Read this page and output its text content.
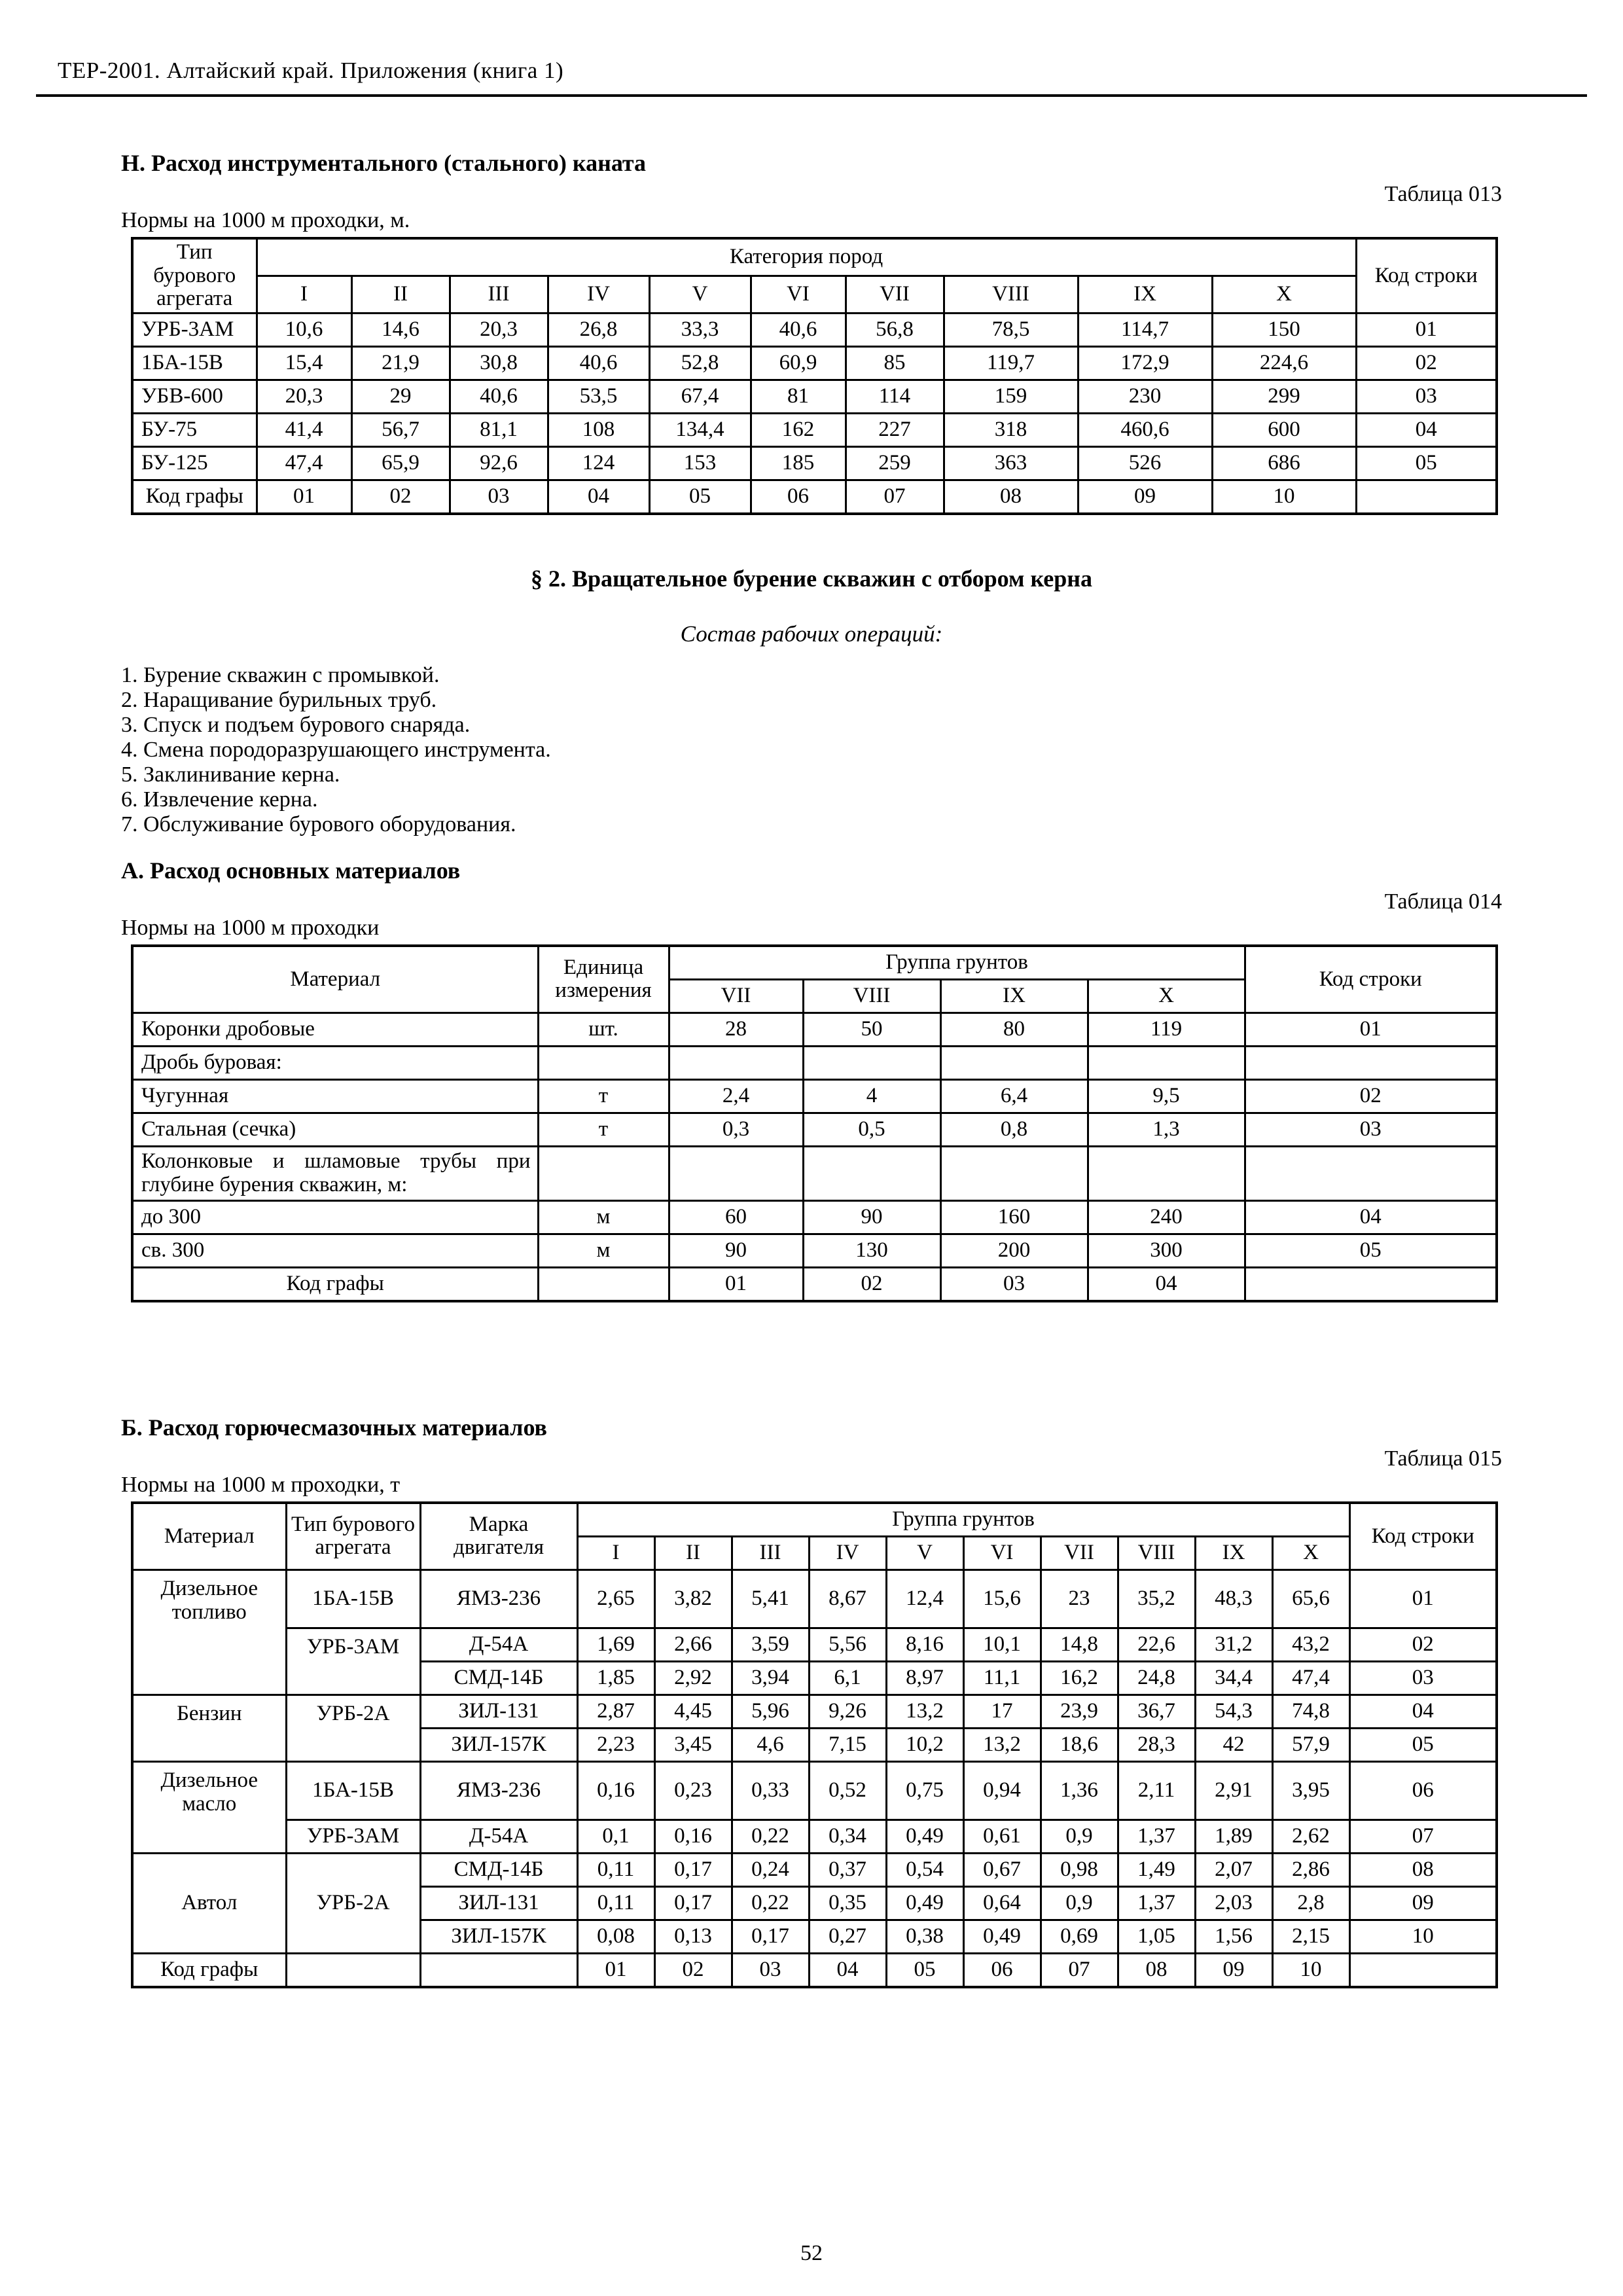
ТЕР-2001. Алтайский край. Приложения (книга 1)
Н. Расход инструментального (стального) каната
Таблица 013
Нормы на 1000 м проходки, м.
Тип бурового агрегата	Категория пород										Код строки
	I	II	III	IV	V	VI	VII	VIII	IX	X	
УРБ-3АМ	10,6	14,6	20,3	26,8	33,3	40,6	56,8	78,5	114,7	150	01
1БА-15В	15,4	21,9	30,8	40,6	52,8	60,9	85	119,7	172,9	224,6	02
УБВ-600	20,3	29	40,6	53,5	67,4	81	114	159	230	299	03
БУ-75	41,4	56,7	81,1	108	134,4	162	227	318	460,6	600	04
БУ-125	47,4	65,9	92,6	124	153	185	259	363	526	686	05
Код графы	01	02	03	04	05	06	07	08	09	10	
§ 2. Вращательное бурение скважин с отбором керна
Состав рабочих операций:
1. Бурение скважин с промывкой.
2. Наращивание бурильных труб.
3. Спуск и подъем бурового снаряда.
4. Смена породоразрушающего инструмента.
5. Заклинивание керна.
6. Извлечение керна.
7. Обслуживание бурового оборудования.
А. Расход основных материалов
Таблица 014
Нормы на 1000 м проходки
Материал	Единица измерения	Группа грунтов				Код строки
		VII	VIII	IX	X	
Коронки дробовые	шт.	28	50	80	119	01
Дробь буровая:						
Чугунная	т	2,4	4	6,4	9,5	02
Стальная (сечка)	т	0,3	0,5	0,8	1,3	03
Колонковые и шламовые трубы при глубине бурения скважин, м:						
до 300	м	60	90	160	240	04
св. 300	м	90	130	200	300	05
Код графы		01	02	03	04	
Б. Расход горючесмазочных материалов
Таблица 015
Нормы на 1000 м проходки, т
Материал	Тип бурового агрегата	Марка двигателя	Группа грунтов										Код строки
			I	II	III	IV	V	VI	VII	VIII	IX	X	
Дизельное топливо	1БА-15В	ЯМЗ-236	2,65	3,82	5,41	8,67	12,4	15,6	23	35,2	48,3	65,6	01
	УРБ-3АМ	Д-54А	1,69	2,66	3,59	5,56	8,16	10,1	14,8	22,6	31,2	43,2	02
		СМД-14Б	1,85	2,92	3,94	6,1	8,97	11,1	16,2	24,8	34,4	47,4	03
Бензин	УРБ-2А	ЗИЛ-131	2,87	4,45	5,96	9,26	13,2	17	23,9	36,7	54,3	74,8	04
		ЗИЛ-157К	2,23	3,45	4,6	7,15	10,2	13,2	18,6	28,3	42	57,9	05
Дизельное масло	1БА-15В	ЯМЗ-236	0,16	0,23	0,33	0,52	0,75	0,94	1,36	2,11	2,91	3,95	06
	УРБ-3АМ	Д-54А	0,1	0,16	0,22	0,34	0,49	0,61	0,9	1,37	1,89	2,62	07
Автол	УРБ-2А	СМД-14Б	0,11	0,17	0,24	0,37	0,54	0,67	0,98	1,49	2,07	2,86	08
		ЗИЛ-131	0,11	0,17	0,22	0,35	0,49	0,64	0,9	1,37	2,03	2,8	09
		ЗИЛ-157К	0,08	0,13	0,17	0,27	0,38	0,49	0,69	1,05	1,56	2,15	10
Код графы			01	02	03	04	05	06	07	08	09	10	
52
